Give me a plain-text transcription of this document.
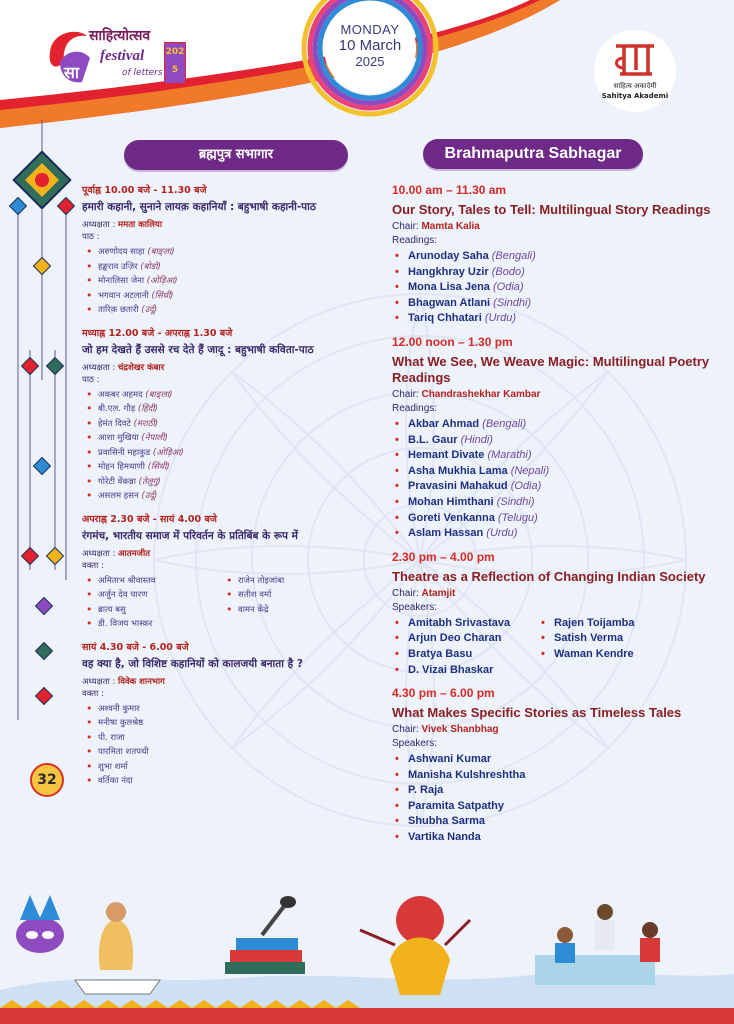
MONDAY
10 March
2025
सा
साहित्योत्सव
festival
of letters
2025
साहित्य अकादेमी
Sahitya Akademi
ब्रह्मपुत्र सभागार	Brahmaputra Sabhagar
पूर्वाह्न 10.00 बजे - 11.30 बजे
हमारी कहानी, सुनाने लायक़ कहानियाँ : बहुभाषी कहानी-पाठ
अध्यक्षता : ममता कालिया
पाठ :
• अरुणोदय साहा (बाङ्ला)
• हङ्खराव उज़िर (बोडो)
• मोनालिसा जेना (ओड़िआ)
• भगवान अटलानी (सिंधी)
• तारिक़ छतारी (उर्दू)
मध्याह्न 12.00 बजे - अपराह्न 1.30 बजे
जो हम देखते हैं उससे रच देते हैं जादू : बहुभाषी कविता-पाठ
अध्यक्षता : चंद्रशेखर कंबार
पाठ :
• अकबर अहमद (बाङ्ला)
• बी.एल. गौड़ (हिंदी)
• हेमंत दिवटे (मराठी)
• आशा मुखिया (नेपाली)
• प्रवासिनी महाकुड (ओड़िआ)
• मोहन हिमथाणी (सिंधी)
• गोरेटी वेंकन्ना (तेलुगु)
• असलम हसन (उर्दू)
अपराह्न 2.30 बजे - सायं 4.00 बजे
रंगमंच, भारतीय समाज में परिवर्तन के प्रतिबिंब के रूप में
अध्यक्षता : आतमजीत
वक्ता :
• अमिताभ श्रीवास्तव
• अर्जुन देव चारण
• ब्रात्य बसु
• डी. विजय भास्कर
• राजेन तोइजांबा
• सतीश वर्मा
• वामन केंद्रे
सायं 4.30 बजे - 6.00 बजे
वह क्या है, जो विशिष्ट कहानियों को कालजयी बनाता है ?
अध्यक्षता : विवेक शानभाग
वक्ता :
• अश्वनी कुमार
• मनीषा कुलश्रेष्ठ
• पी. राजा
• पारमिता शतपथी
• शुभा शर्मा
• वर्तिका नंदा
10.00 am – 11.30 am
Our Story, Tales to Tell: Multilingual Story Readings
Chair: Mamta Kalia
Readings:
• Arunoday Saha (Bengali)
• Hangkhray Uzir (Bodo)
• Mona Lisa Jena (Odia)
• Bhagwan Atlani (Sindhi)
• Tariq Chhatari (Urdu)
12.00 noon – 1.30 pm
What We See, We Weave Magic: Multilingual Poetry Readings
Chair: Chandrashekhar Kambar
Readings:
• Akbar Ahmad (Bengali)
• B.L. Gaur (Hindi)
• Hemant Divate (Marathi)
• Asha Mukhia Lama (Nepali)
• Pravasini Mahakud (Odia)
• Mohan Himthani (Sindhi)
• Goreti Venkanna (Telugu)
• Aslam Hassan (Urdu)
2.30 pm – 4.00 pm
Theatre as a Reflection of Changing Indian Society
Chair: Atamjit
Speakers:
• Amitabh Srivastava
• Arjun Deo Charan
• Bratya Basu
• D. Vizai Bhaskar
• Rajen Toijamba
• Satish Verma
• Waman Kendre
4.30 pm – 6.00 pm
What Makes Specific Stories as Timeless Tales
Chair: Vivek Shanbhag
Speakers:
• Ashwani Kumar
• Manisha Kulshreshtha
• P. Raja
• Paramita Satpathy
• Shubha Sarma
• Vartika Nanda
32
